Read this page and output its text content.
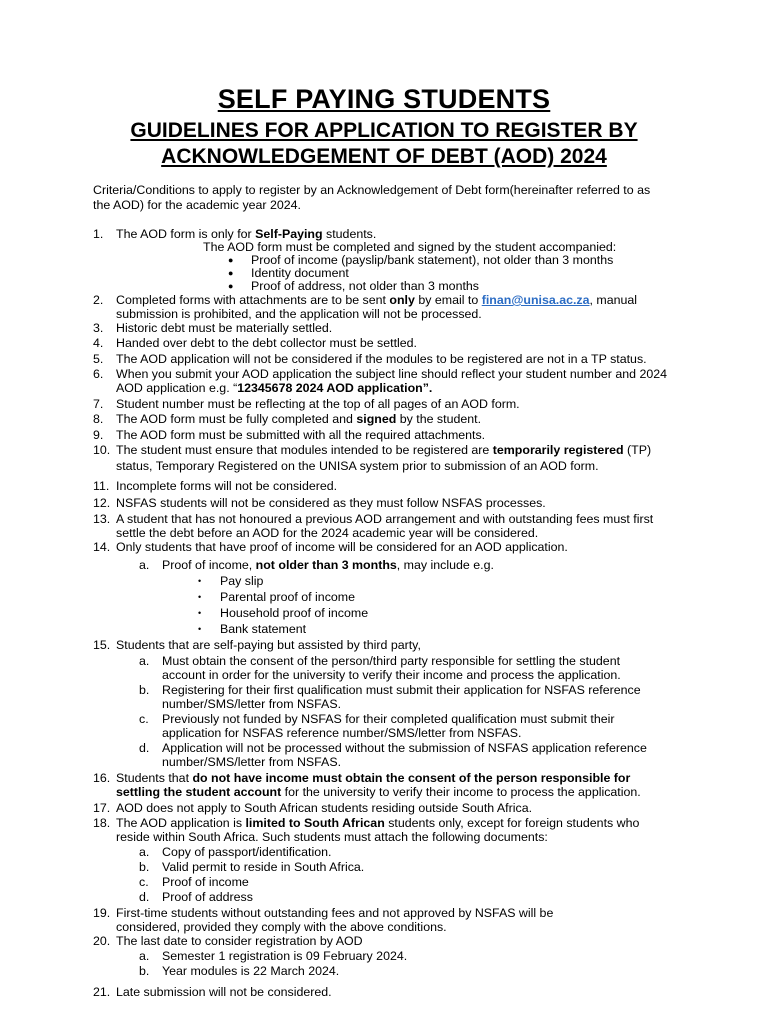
SELF PAYING STUDENTS
GUIDELINES FOR APPLICATION TO REGISTER BY
ACKNOWLEDGEMENT OF DEBT (AOD) 2024
Criteria/Conditions to apply to register by an Acknowledgement of Debt form(hereinafter referred to as
the AOD) for the academic year 2024.
1. The AOD form is only for Self-Paying students.
The AOD form must be completed and signed by the student accompanied:
● Proof of income (payslip/bank statement), not older than 3 months
● Identity document
● Proof of address, not older than 3 months
2. Completed forms with attachments are to be sent only by email to finan@unisa.ac.za, manual
submission is prohibited, and the application will not be processed.
3. Historic debt must be materially settled.
4. Handed over debt to the debt collector must be settled.
5. The AOD application will not be considered if the modules to be registered are not in a TP status.
6. When you submit your AOD application the subject line should reflect your student number and 2024
AOD application e.g. “12345678 2024 AOD application”.
7. Student number must be reflecting at the top of all pages of an AOD form.
8. The AOD form must be fully completed and signed by the student.
9. The AOD form must be submitted with all the required attachments.
10. The student must ensure that modules intended to be registered are temporarily registered (TP)
status, Temporary Registered on the UNISA system prior to submission of an AOD form.
11. Incomplete forms will not be considered.
12. NSFAS students will not be considered as they must follow NSFAS processes.
13. A student that has not honoured a previous AOD arrangement and with outstanding fees must first
settle the debt before an AOD for the 2024 academic year will be considered.
14. Only students that have proof of income will be considered for an AOD application.
a. Proof of income, not older than 3 months, may include e.g.
• Pay slip
• Parental proof of income
• Household proof of income
• Bank statement
15. Students that are self-paying but assisted by third party,
a. Must obtain the consent of the person/third party responsible for settling the student
account in order for the university to verify their income and process the application.
b. Registering for their first qualification must submit their application for NSFAS reference
number/SMS/letter from NSFAS.
c. Previously not funded by NSFAS for their completed qualification must submit their
application for NSFAS reference number/SMS/letter from NSFAS.
d. Application will not be processed without the submission of NSFAS application reference
number/SMS/letter from NSFAS.
16. Students that do not have income must obtain the consent of the person responsible for
settling the student account for the university to verify their income to process the application.
17. AOD does not apply to South African students residing outside South Africa.
18. The AOD application is limited to South African students only, except for foreign students who
reside within South Africa. Such students must attach the following documents:
a. Copy of passport/identification.
b. Valid permit to reside in South Africa.
c. Proof of income
d. Proof of address
19. First-time students without outstanding fees and not approved by NSFAS will be
considered, provided they comply with the above conditions.
20. The last date to consider registration by AOD
a. Semester 1 registration is 09 February 2024.
b. Year modules is 22 March 2024.
21. Late submission will not be considered.
